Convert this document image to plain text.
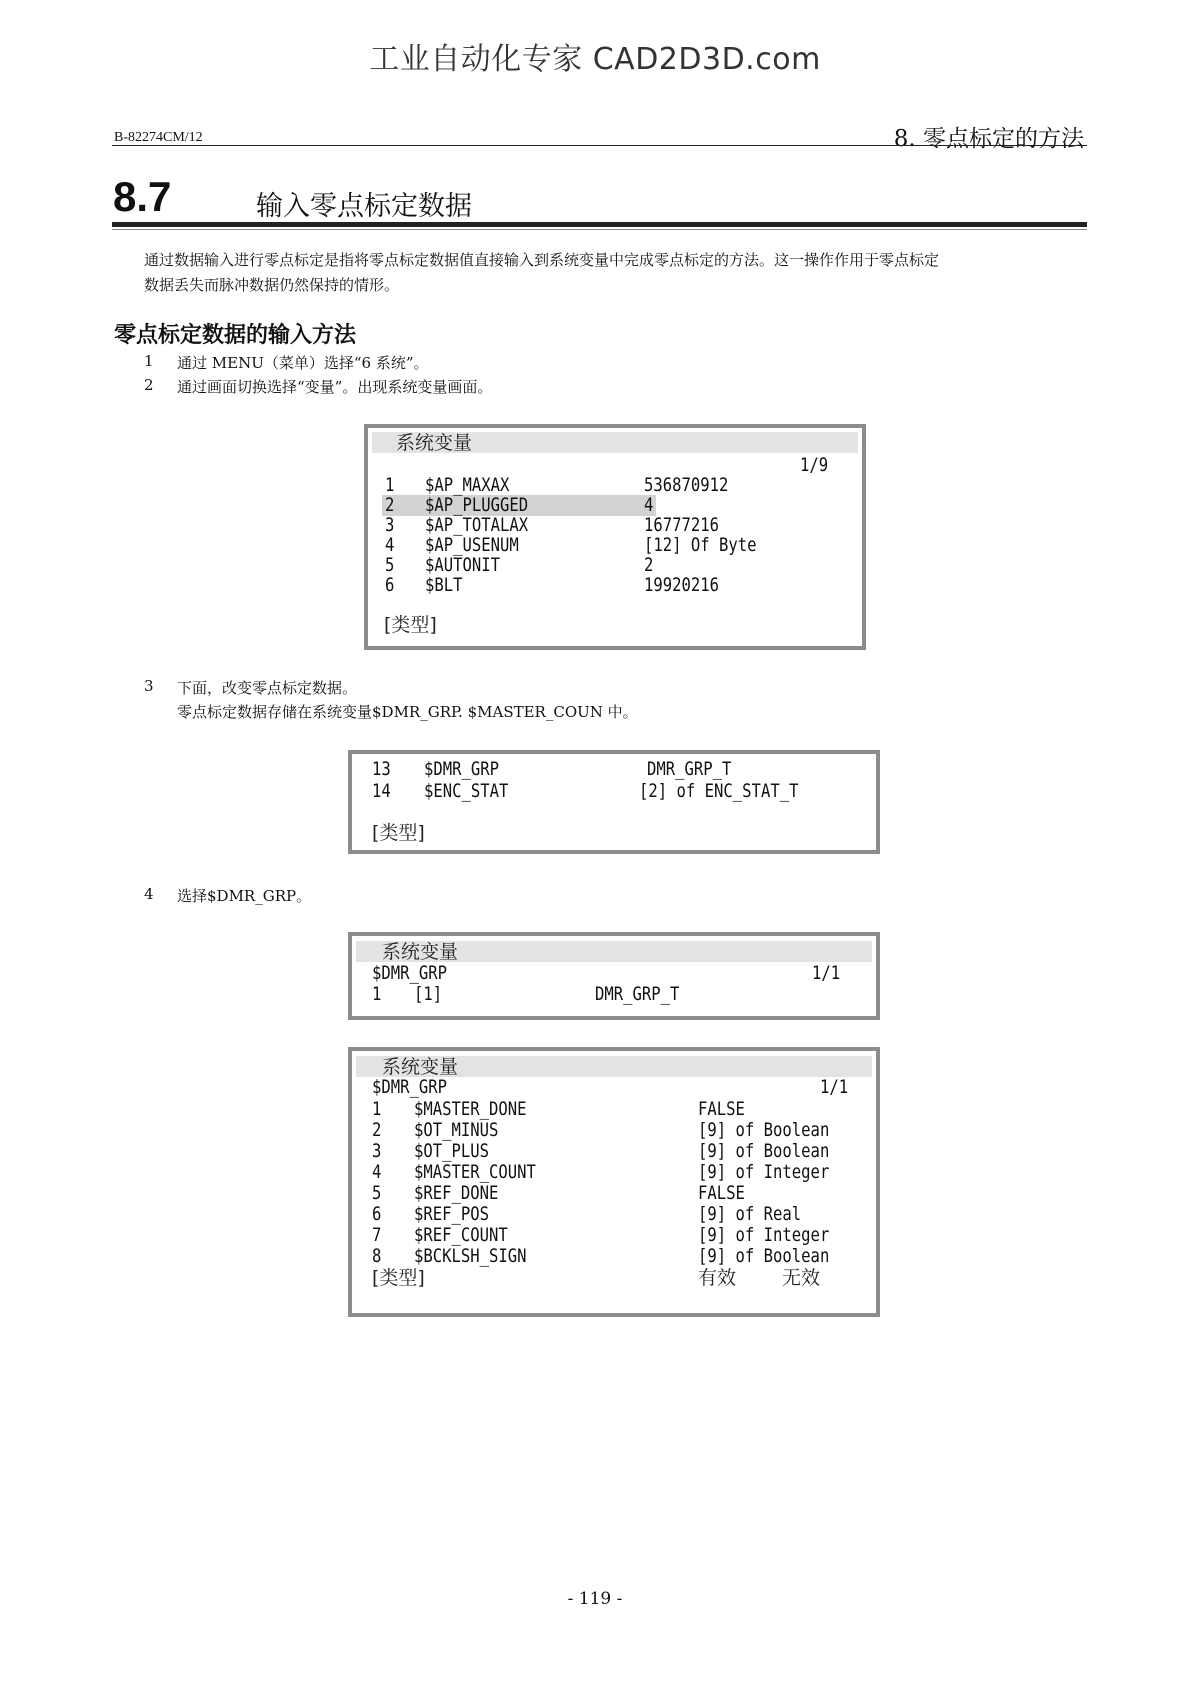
工业自动化专家 CAD2D3D.com
B-82274CM/12	8. 零点标定的方法
8.7	输入零点标定数据
通过数据输入进行零点标定是指将零点标定数据值直接输入到系统变量中完成零点标定的方法。这一操作作用于零点标定
数据丢失而脉冲数据仍然保持的情形。
零点标定数据的输入方法
1 通过 MENU（菜单）选择“6 系统”。
2 通过画面切换选择“变量”。出现系统变量画面。
系统变量
1/9
1 $AP_MAXAX	536870912
2 $AP_PLUGGED	4
3 $AP_TOTALAX	16777216
4 $AP_USENUM	[12] Of Byte
5 $AUTONIT	2
6 $BLT	19920216
[类型]
3 下面，改变零点标定数据。
零点标定数据存储在系统变量$DMR_GRP. $MASTER_COUN 中。
13 $DMR_GRP	DMR_GRP_T
14 $ENC_STAT	[2] of ENC_STAT_T
[类型]
4 选择$DMR_GRP。
系统变量
$DMR_GRP	1/1
1 [1]	DMR_GRP_T
系统变量
$DMR_GRP	1/1
1 $MASTER_DONE	FALSE
2 $OT_MINUS	[9] of Boolean
3 $OT_PLUS	[9] of Boolean
4 $MASTER_COUNT	[9] of Integer
5 $REF_DONE	FALSE
6 $REF_POS	[9] of Real
7 $REF_COUNT	[9] of Integer
8 $BCKLSH_SIGN	[9] of Boolean
[类型]	有效 无效
- 119 -
